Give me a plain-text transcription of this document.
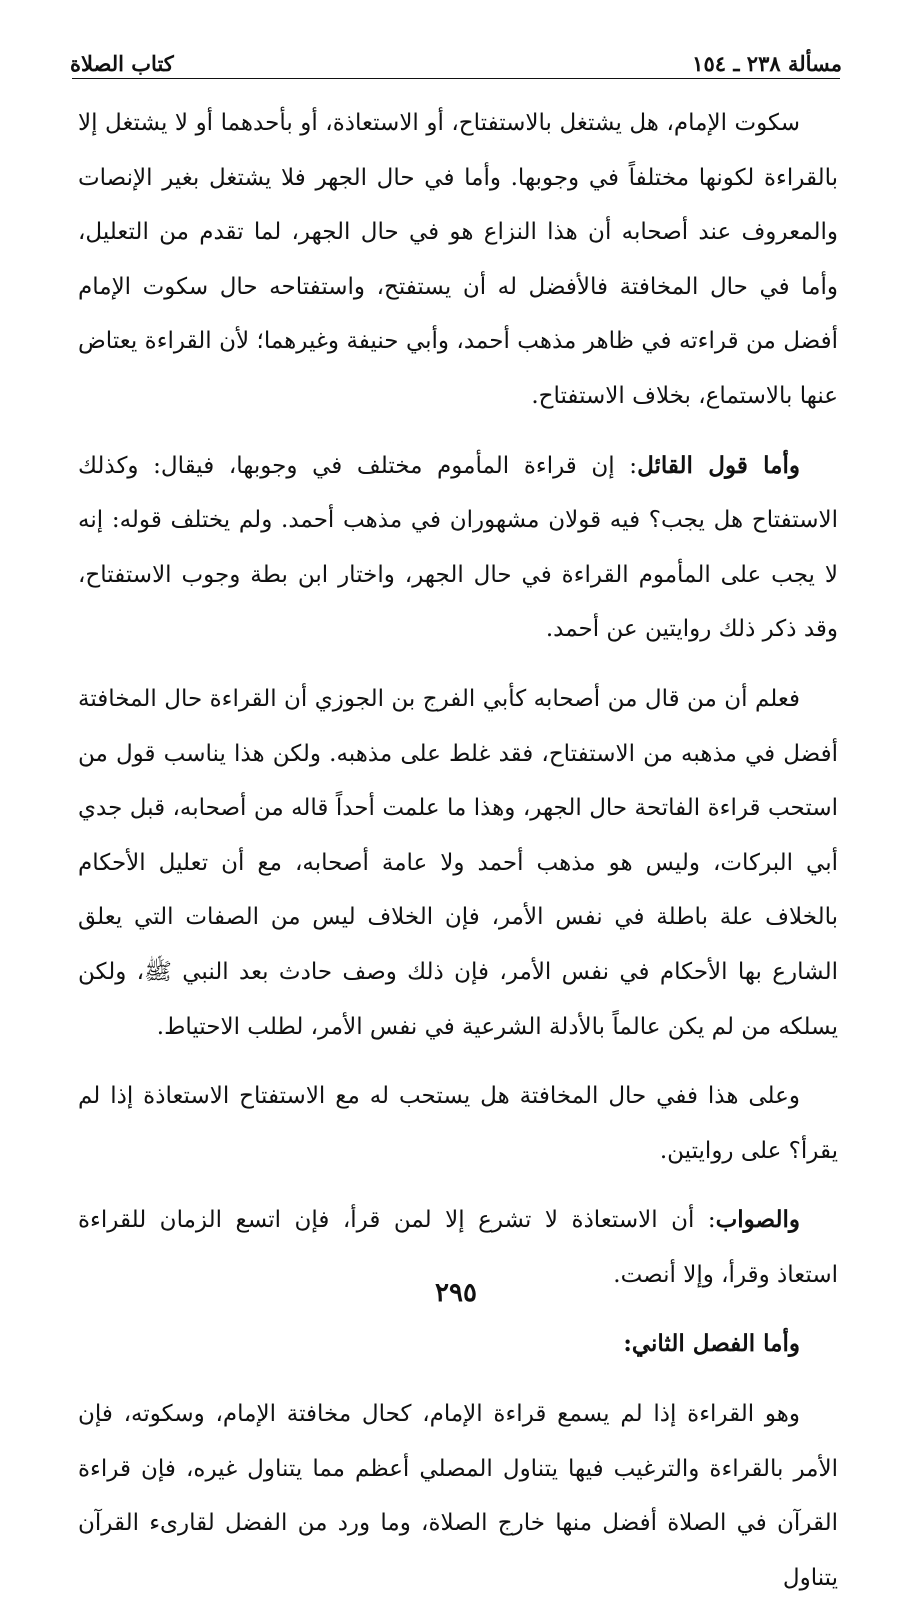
مسألة ٢٣٨ ـ ١٥٤
كتاب الصلاة

سكوت الإمام، هل يشتغل بالاستفتاح، أو الاستعاذة، أو بأحدهما أو لا يشتغل إلا بالقراءة لكونها مختلفاً في وجوبها. وأما في حال الجهر فلا يشتغل بغير الإنصات والمعروف عند أصحابه أن هذا النزاع هو في حال الجهر، لما تقدم من التعليل، وأما في حال المخافتة فالأفضل له أن يستفتح، واستفتاحه حال سكوت الإمام أفضل من قراءته في ظاهر مذهب أحمد، وأبي حنيفة وغيرهما؛ لأن القراءة يعتاض عنها بالاستماع، بخلاف الاستفتاح.

وأما قول القائل: إن قراءة المأموم مختلف في وجوبها، فيقال: وكذلك الاستفتاح هل يجب؟ فيه قولان مشهوران في مذهب أحمد. ولم يختلف قوله: إنه لا يجب على المأموم القراءة في حال الجهر، واختار ابن بطة وجوب الاستفتاح، وقد ذكر ذلك روايتين عن أحمد.

فعلم أن من قال من أصحابه كأبي الفرج بن الجوزي أن القراءة حال المخافتة أفضل في مذهبه من الاستفتاح، فقد غلط على مذهبه. ولكن هذا يناسب قول من استحب قراءة الفاتحة حال الجهر، وهذا ما علمت أحداً قاله من أصحابه، قبل جدي أبي البركات، وليس هو مذهب أحمد ولا عامة أصحابه، مع أن تعليل الأحكام بالخلاف علة باطلة في نفس الأمر، فإن الخلاف ليس من الصفات التي يعلق الشارع بها الأحكام في نفس الأمر، فإن ذلك وصف حادث بعد النبي ﷺ، ولكن يسلكه من لم يكن عالماً بالأدلة الشرعية في نفس الأمر، لطلب الاحتياط.

وعلى هذا ففي حال المخافتة هل يستحب له مع الاستفتاح الاستعاذة إذا لم يقرأ؟ على روايتين.

والصواب: أن الاستعاذة لا تشرع إلا لمن قرأ، فإن اتسع الزمان للقراءة استعاذ وقرأ، وإلا أنصت.

وأما الفصل الثاني:

وهو القراءة إذا لم يسمع قراءة الإمام، كحال مخافتة الإمام، وسكوته، فإن الأمر بالقراءة والترغيب فيها يتناول المصلي أعظم مما يتناول غيره، فإن قراءة القرآن في الصلاة أفضل منها خارج الصلاة، وما ورد من الفضل لقارىء القرآن يتناول

٢٩٥
